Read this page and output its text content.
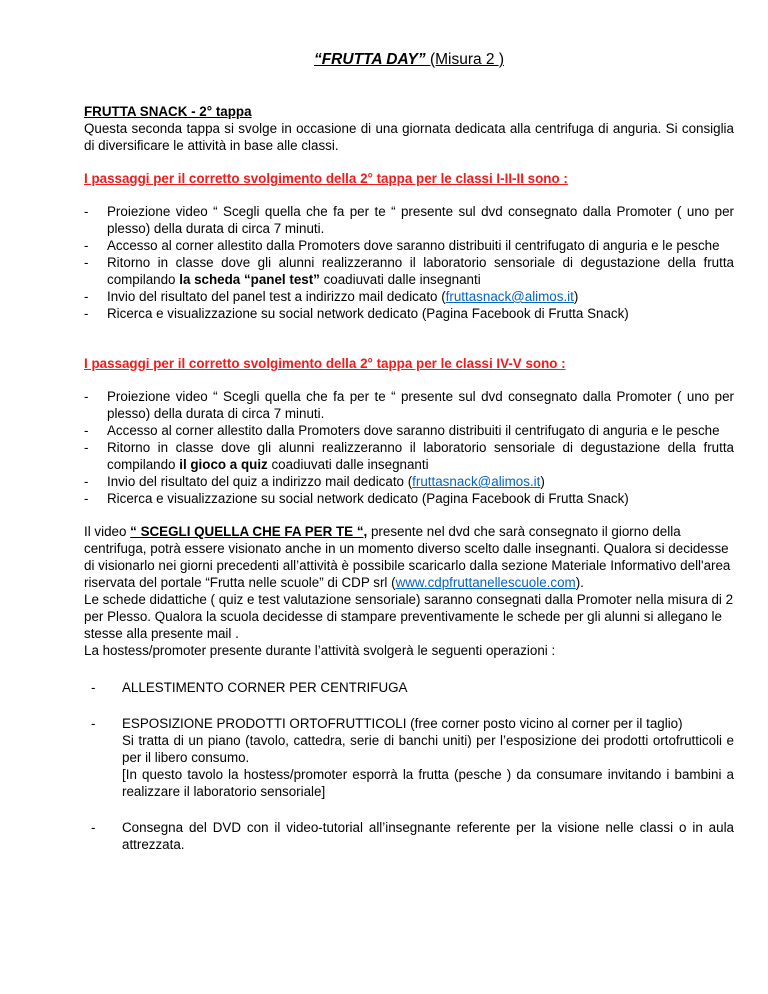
“FRUTTA DAY” (Misura 2 )
FRUTTA SNACK - 2° tappa
Questa seconda tappa si svolge in occasione di una giornata dedicata alla centrifuga di anguria. Si consiglia di diversificare le attività in base alle classi.
I passaggi per il corretto svolgimento della 2° tappa per le classi I-II-II sono :
- Proiezione video “ Scegli quella che fa per te “ presente sul dvd consegnato dalla Promoter ( uno per plesso) della durata di circa 7 minuti.
- Accesso al corner allestito dalla Promoters dove saranno distribuiti il centrifugato di anguria e le pesche
- Ritorno in classe dove gli alunni realizzeranno il laboratorio sensoriale di degustazione della frutta compilando la scheda “panel test” coadiuvati dalle insegnanti
- Invio del risultato del panel test a indirizzo mail dedicato (fruttasnack@alimos.it)
- Ricerca e visualizzazione su social network dedicato (Pagina Facebook di Frutta Snack)
I passaggi per il corretto svolgimento della 2° tappa per le classi IV-V sono :
- Proiezione video “ Scegli quella che fa per te “ presente sul dvd consegnato dalla Promoter ( uno per plesso) della durata di circa 7 minuti.
- Accesso al corner allestito dalla Promoters dove saranno distribuiti il centrifugato di anguria e le pesche
- Ritorno in classe dove gli alunni realizzeranno il laboratorio sensoriale di degustazione della frutta compilando il gioco a quiz coadiuvati dalle insegnanti
- Invio del risultato del quiz a indirizzo mail dedicato (fruttasnack@alimos.it)
- Ricerca e visualizzazione su social network dedicato (Pagina Facebook di Frutta Snack)
Il video “ SCEGLI QUELLA CHE FA PER TE “, presente nel dvd che sarà consegnato il giorno della centrifuga, potrà essere visionato anche in un momento diverso scelto dalle insegnanti. Qualora si decidesse di visionarlo nei giorni precedenti all’attività è possibile scaricarlo dalla sezione Materiale Informativo dell'area riservata del portale “Frutta nelle scuole” di CDP srl (www.cdpfruttanellescuole.com).
Le schede didattiche ( quiz e test valutazione sensoriale) saranno consegnati dalla Promoter nella misura di 2 per Plesso. Qualora la scuola decidesse di stampare preventivamente le schede per gli alunni si allegano le stesse alla presente mail .
La hostess/promoter presente durante l’attività svolgerà le seguenti operazioni :
- ALLESTIMENTO CORNER PER CENTRIFUGA
- ESPOSIZIONE PRODOTTI ORTOFRUTTICOLI (free corner posto vicino al corner per il taglio)
Si tratta di un piano (tavolo, cattedra, serie di banchi uniti) per l’esposizione dei prodotti ortofrutticoli e per il libero consumo.
[In questo tavolo la hostess/promoter esporrà la frutta (pesche ) da consumare invitando i bambini a realizzare il laboratorio sensoriale]
- Consegna del DVD con il video-tutorial all’insegnante referente per la visione nelle classi o in aula attrezzata.
